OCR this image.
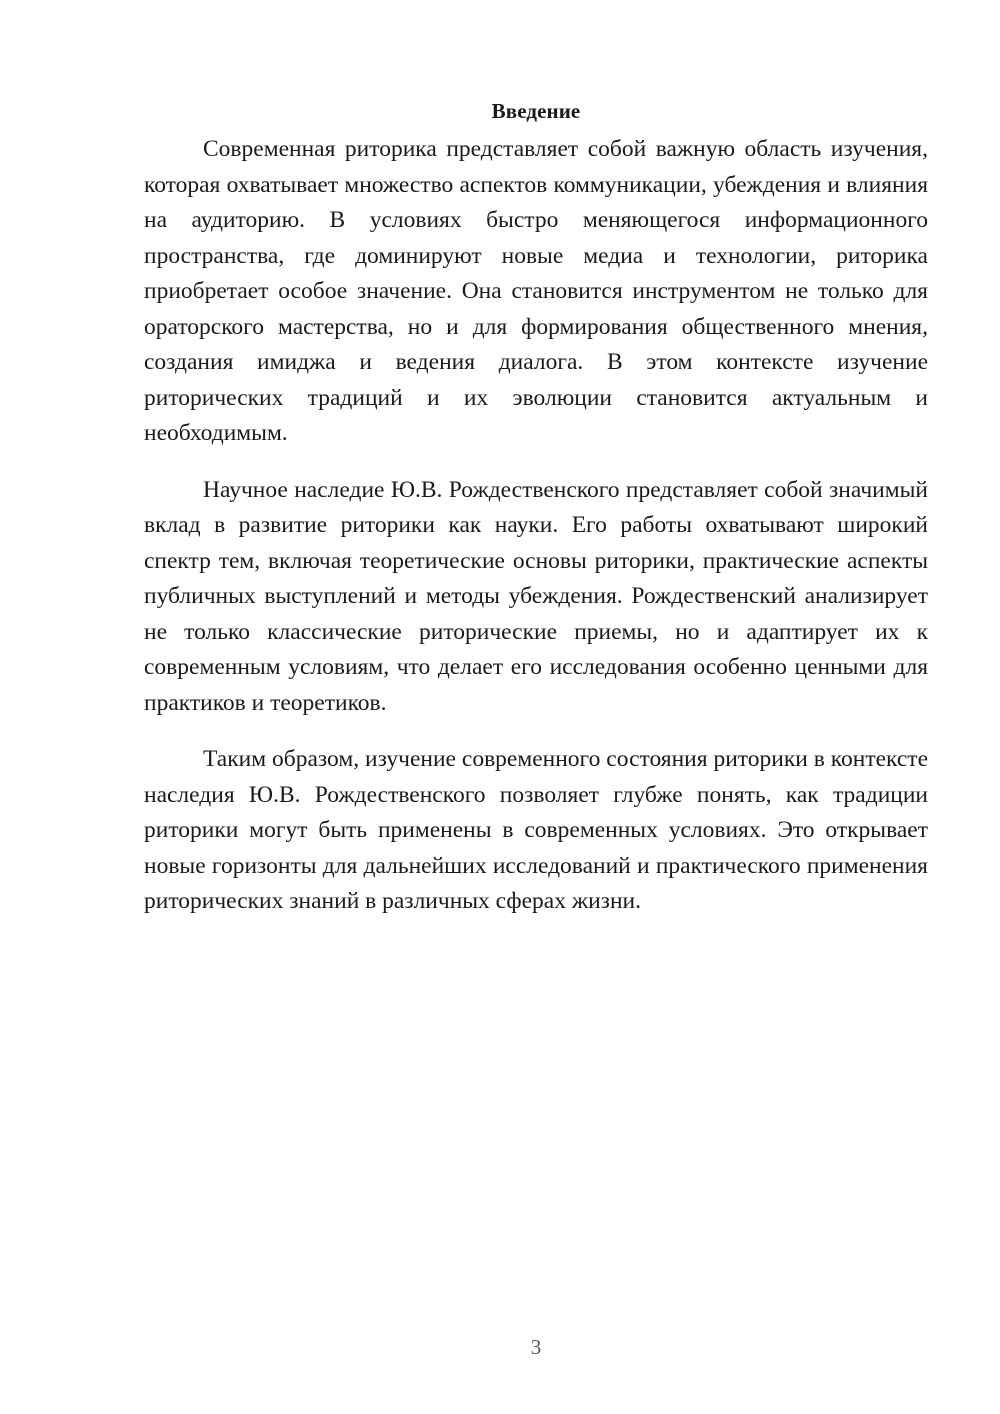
Введение

Современная риторика представляет собой важную область изучения, которая охватывает множество аспектов коммуникации, убеждения и влияния на аудиторию. В условиях быстро меняющегося информационного пространства, где доминируют новые медиа и технологии, риторика приобретает особое значение. Она становится инструментом не только для ораторского мастерства, но и для формирования общественного мнения, создания имиджа и ведения диалога. В этом контексте изучение риторических традиций и их эволюции становится актуальным и необходимым.

Научное наследие Ю.В. Рождественского представляет собой значимый вклад в развитие риторики как науки. Его работы охватывают широкий спектр тем, включая теоретические основы риторики, практические аспекты публичных выступлений и методы убеждения. Рождественский анализирует не только классические риторические приемы, но и адаптирует их к современным условиям, что делает его исследования особенно ценными для практиков и теоретиков.

Таким образом, изучение современного состояния риторики в контексте наследия Ю.В. Рождественского позволяет глубже понять, как традиции риторики могут быть применены в современных условиях. Это открывает новые горизонты для дальнейших исследований и практического применения риторических знаний в различных сферах жизни.

3
